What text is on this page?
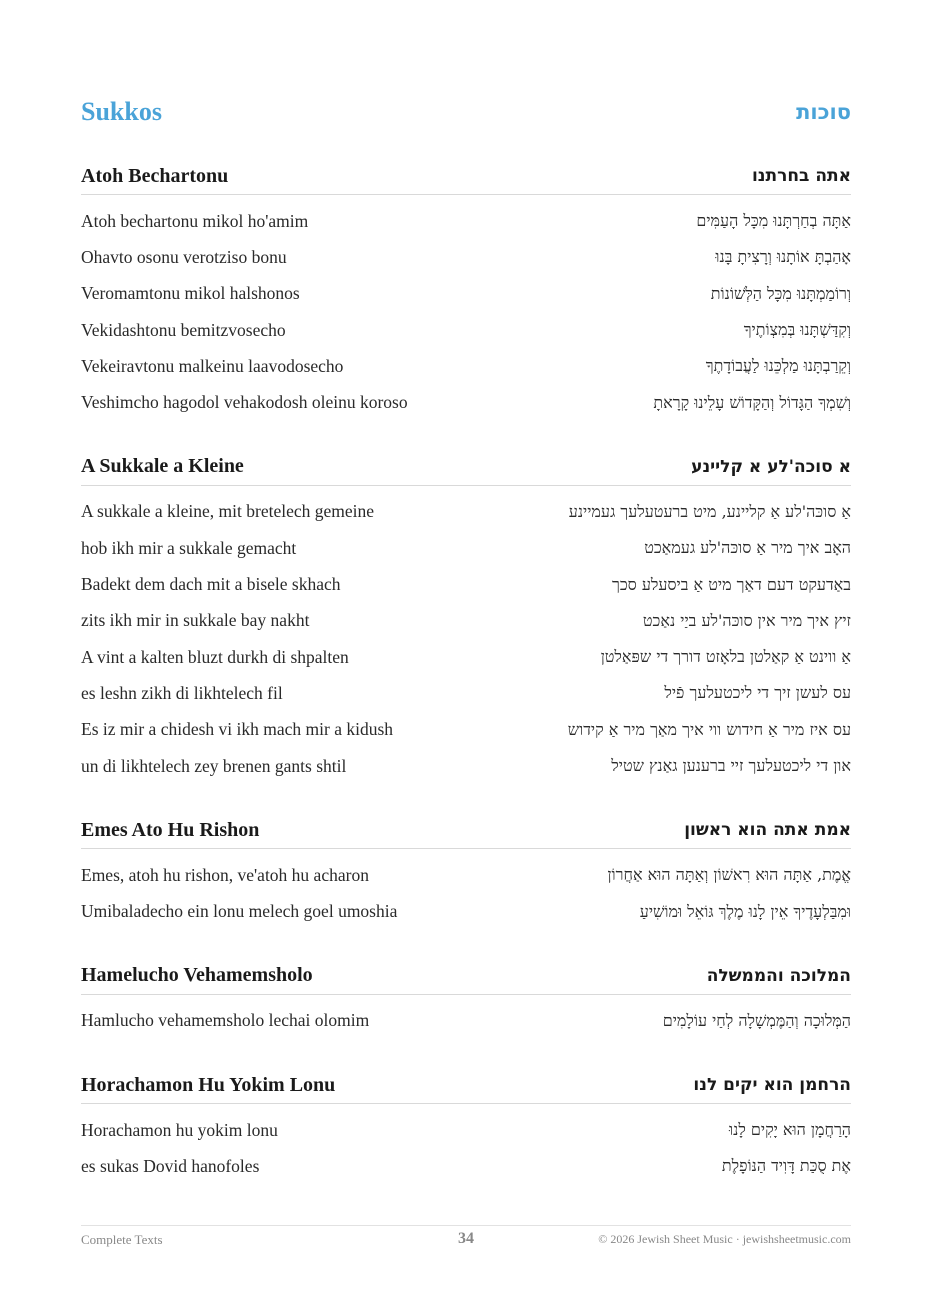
Sukkos	סוכות
Atoh Bechartonu	אתה בחרתנו
Atoh bechartonu mikol ho'amim	אַתָּה בְחַרְתָּנוּ מִכָּל הָעַמִּים
Ohavto osonu verotziso bonu	אָהַבְתָּ אוֹתָנוּ וְרָצִיתָ בָּנוּ
Veromamtonu mikol halshonos	וְרוֹמַמְתָּנוּ מִכָּל הַלְּשׁוֹנוֹת
Vekidashtonu bemitzvosecho	וְקִדַּשְׁתָּנוּ בְּמִצְוֹתֶיךָ
Vekeiravtonu malkeinu laavodosecho	וְקֵרַבְתָּנוּ מַלְכֵּנוּ לַעֲבוֹדָתֶךָ
Veshimcho hagodol vehakodosh oleinu koroso	וְשִׁמְךָ הַגָּדוֹל וְהַקָּדוֹשׁ עָלֵינוּ קָרָאתָ
A Sukkale a Kleine	א סוכה'לע א קליינע
A sukkale a kleine, mit bretelech gemeine	אַ סוכּה'לע אַ קליינע, מיט ברעטעלעך געמיינע
hob ikh mir a sukkale gemacht	האָב איך מיר אַ סוכּה'לע געמאַכט
Badekt dem dach mit a bisele skhach	באַדעקט דעם דאַך מיט אַ ביסעלע סכך
zits ikh mir in sukkale bay nakht	זיץ איך מיר אין סוכּה'לע ביַי נאַכט
A vint a kalten bluzt durkh di shpalten	אַ ווינט אַ קאַלטן בלאָזט דורך די שפּאַלטן
es leshn zikh di likhtelech fil	עס לעשן זיך די ליכטעלעך פֿיל
Es iz mir a chidesh vi ikh mach mir a kidush	עס איז מיר אַ חידוש ווי איך מאַך מיר אַ קידוש
un di likhtelech zey brenen gants shtil	און די ליכטעלעך זיי ברענען גאַנץ שטיל
Emes Ato Hu Rishon	אמת אתה הוא ראשון
Emes, atoh hu rishon, ve'atoh hu acharon	אֱמֶת, אַתָּה הוּא רִאשׁוֹן וְאַתָּה הוּא אַחֲרוֹן
Umibaladecho ein lonu melech goel umoshia	וּמִבַּלְעָדֶיךָ אֵין לָנוּ מֶלֶךְ גּוֹאֵל וּמוֹשִׁיעַ
Hamelucho Vehamemsholo	המלוכה והממשלה
Hamlucho vehamemsholo lechai olomim	הַמְּלוּכָה וְהַמֶּמְשָׁלָה לְחַי עוֹלָמִים
Horachamon Hu Yokim Lonu	הרחמן הוא יקים לנו
Horachamon hu yokim lonu	הָרַחֲמָן הוּא יָקִים לָנוּ
es sukas Dovid hanofoles	אֶת סֻכַּת דָּוִיד הַנּוֹפָלֶת
Complete Texts	34	© 2026 Jewish Sheet Music · jewishsheetmusic.com
